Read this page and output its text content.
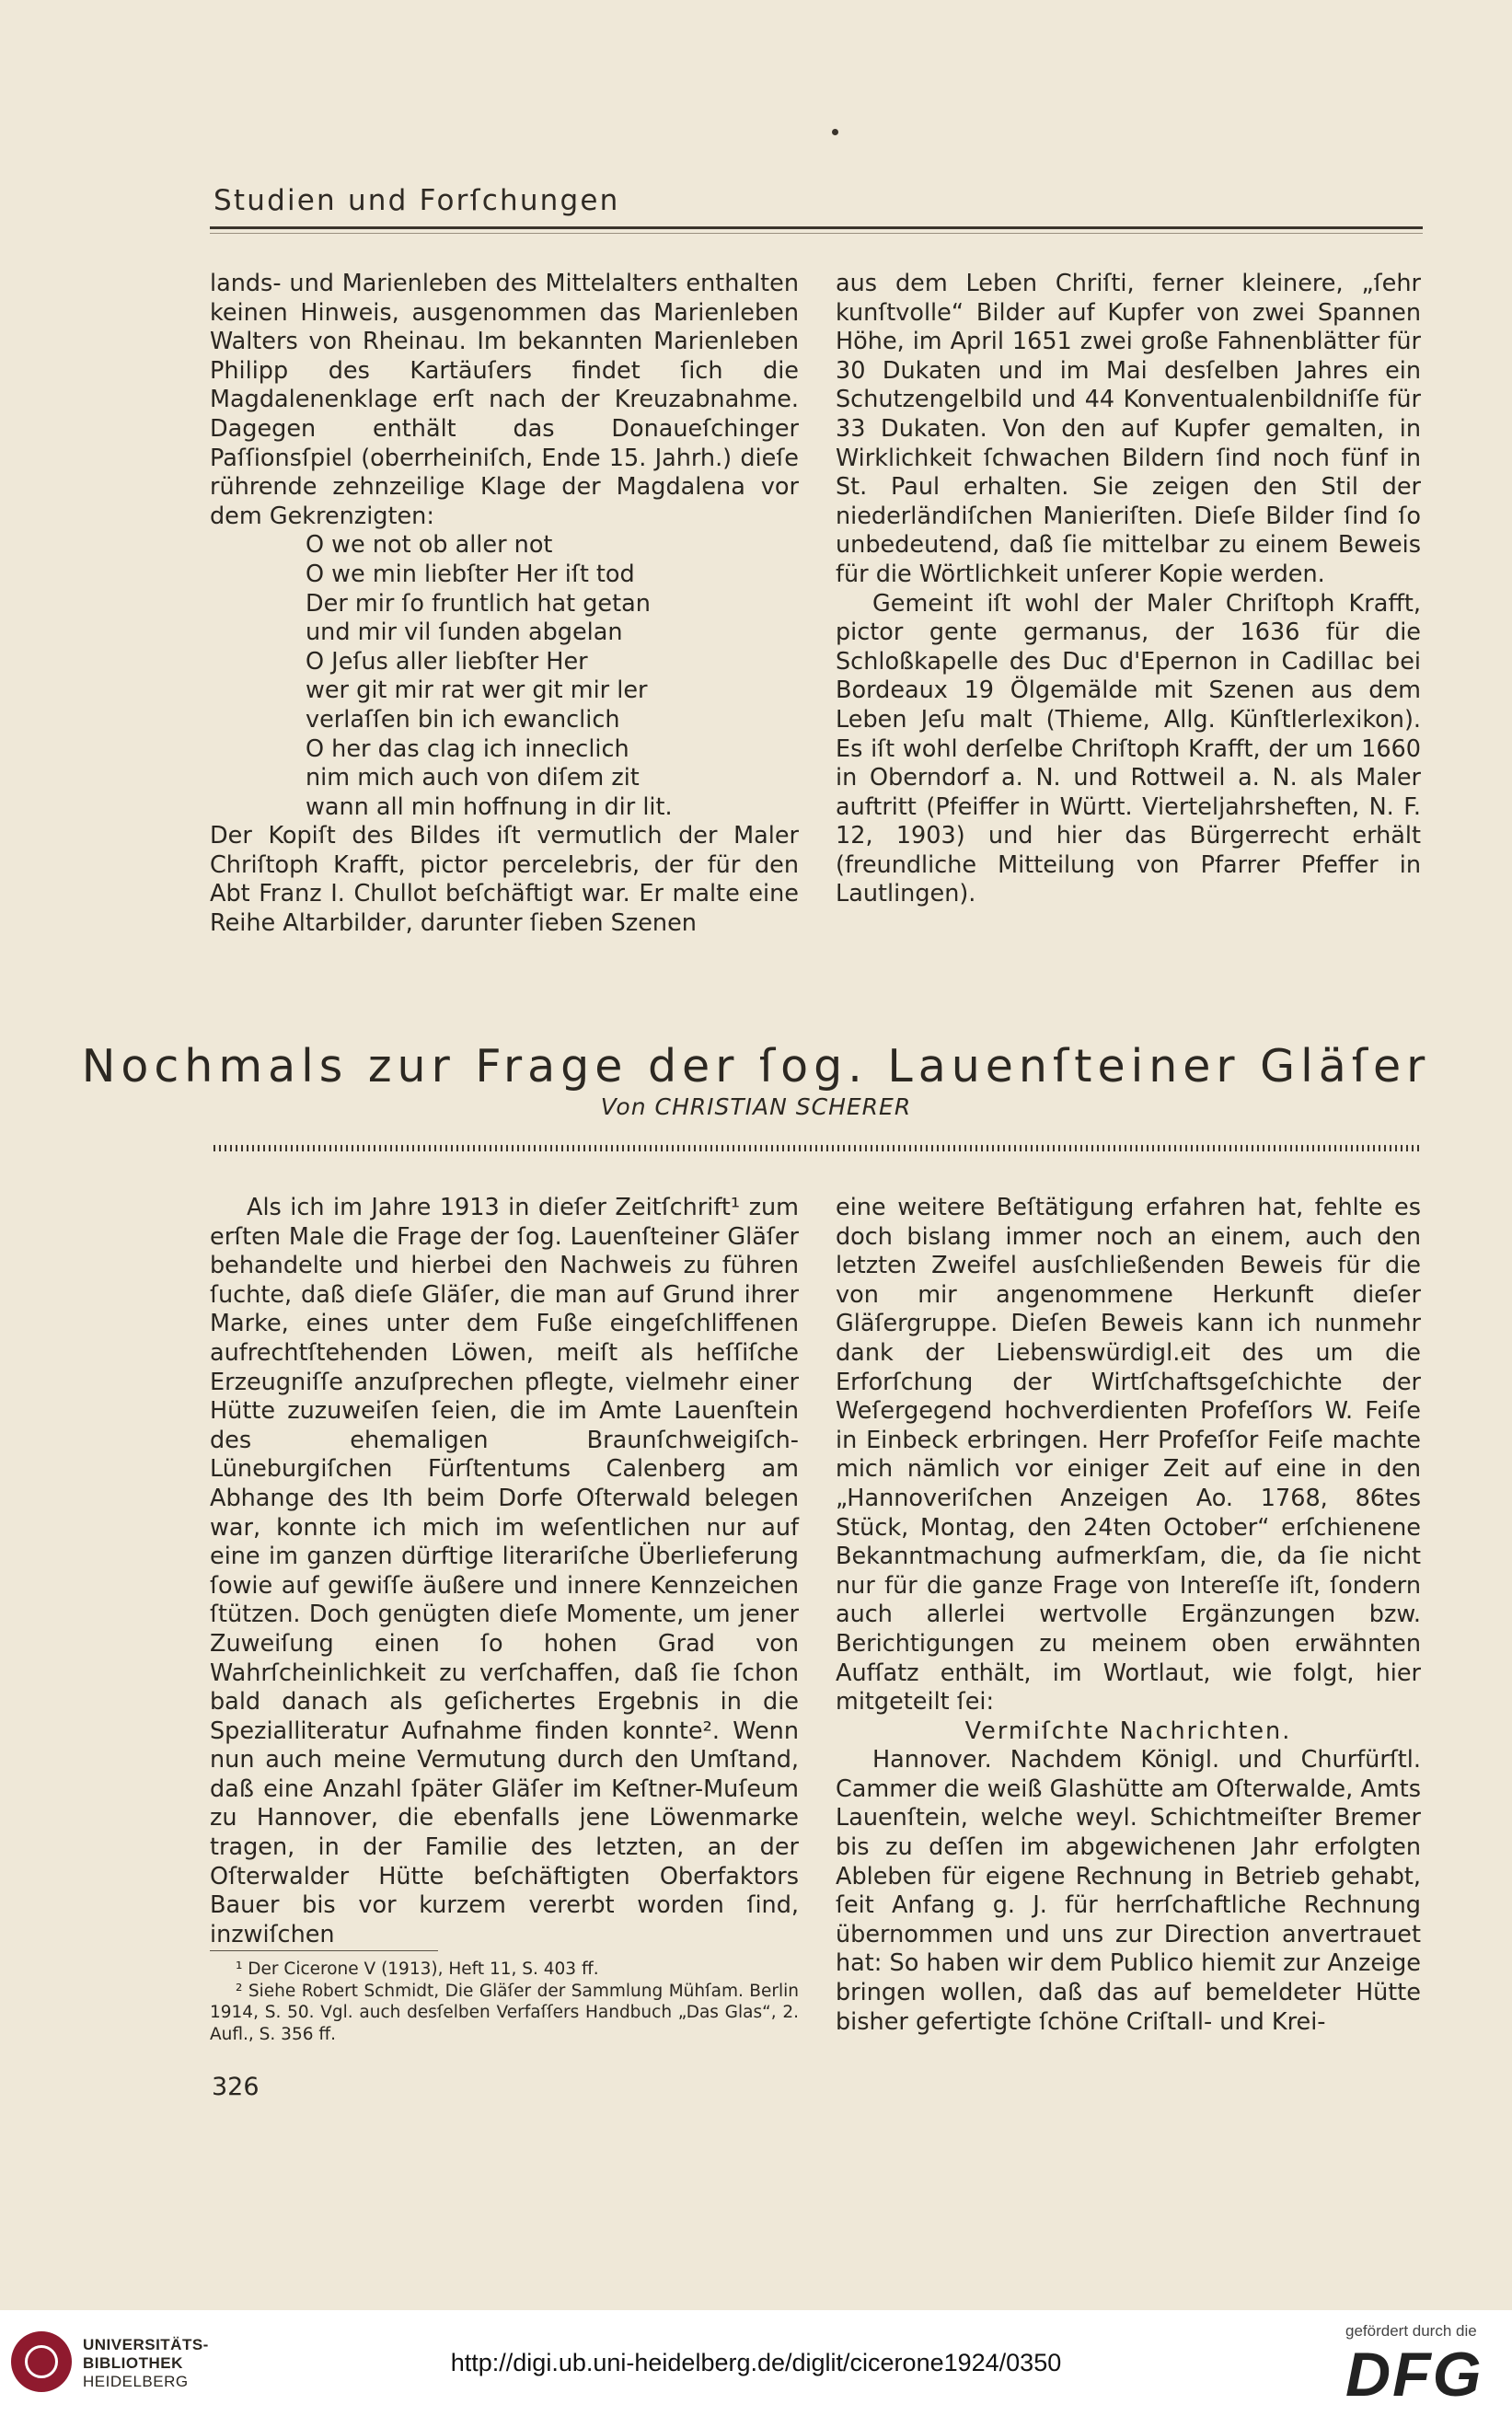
Studien und Forſchungen

lands- und Marienleben des Mittelalters enthalten keinen Hinweis, ausgenommen das Marienleben Walters von Rheinau. Im bekannten Marienleben Philipp des Kartäuſers findet ſich die Magdalenenklage erſt nach der Kreuzabnahme. Dagegen enthält das Donaueſchinger Paſſionsſpiel (oberrheiniſch, Ende 15. Jahrh.) dieſe rührende zehnzeilige Klage der Magdalena vor dem Gekrenzigten:

O we not ob aller not
O we min liebſter Her iſt tod
Der mir ſo fruntlich hat getan
und mir vil ſunden abgelan
O Jeſus aller liebſter Her
wer git mir rat wer git mir ler
verlaſſen bin ich ewanclich
O her das clag ich inneclich
nim mich auch von diſem zit
wann all min hoffnung in dir lit.

Der Kopiſt des Bildes iſt vermutlich der Maler Chriſtoph Krafft, pictor perceIebris, der für den Abt Franz I. Chullot beſchäftigt war. Er malte eine Reihe Altarbilder, darunter ſieben Szenen

aus dem Leben Chriſti, ferner kleinere, „ſehr kunſtvolle“ Bilder auf Kupfer von zwei Spannen Höhe, im April 1651 zwei große Fahnenblätter für 30 Dukaten und im Mai desſelben Jahres ein Schutzengelbild und 44 Konventualenbildniſſe für 33 Dukaten. Von den auf Kupfer gemalten, in Wirklichkeit ſchwachen Bildern ſind noch fünf in St. Paul erhalten. Sie zeigen den Stil der niederländiſchen Manieriſten. Dieſe Bilder ſind ſo unbedeutend, daß ſie mittelbar zu einem Beweis für die Wörtlichkeit unſerer Kopie werden.

Gemeint iſt wohl der Maler Chriſtoph Krafft, pictor gente germanus, der 1636 für die Schloßkapelle des Duc d'Epernon in Cadillac bei Bordeaux 19 Ölgemälde mit Szenen aus dem Leben Jeſu malt (Thieme, Allg. Künſtlerlexikon). Es iſt wohl derſelbe Chriſtoph Krafft, der um 1660 in Oberndorf a. N. und Rottweil a. N. als Maler auftritt (Pfeiffer in Württ. Vierteljahrsheften, N. F. 12, 1903) und hier das Bürgerrecht erhält (freundliche Mitteilung von Pfarrer Pfeffer in Lautlingen).

Nochmals zur Frage der ſog. Lauenſteiner Gläſer
Von CHRISTIAN SCHERER

Als ich im Jahre 1913 in dieſer Zeitſchrift¹ zum erſten Male die Frage der ſog. Lauenſteiner Gläſer behandelte und hierbei den Nachweis zu führen ſuchte, daß dieſe Gläſer, die man auf Grund ihrer Marke, eines unter dem Fuße eingeſchliffenen aufrechtſtehenden Löwen, meiſt als heſſiſche Erzeugniſſe anzuſprechen pflegte, vielmehr einer Hütte zuzuweiſen ſeien, die im Amte Lauenſtein des ehemaligen Braunſchweigiſch-Lüneburgiſchen Fürſtentums Calenberg am Abhange des Ith beim Dorfe Oſterwald belegen war, konnte ich mich im weſentlichen nur auf eine im ganzen dürftige literariſche Überlieferung ſowie auf gewiſſe äußere und innere Kennzeichen ſtützen. Doch genügten dieſe Momente, um jener Zuweiſung einen ſo hohen Grad von Wahrſcheinlichkeit zu verſchaffen, daß ſie ſchon bald danach als geſichertes Ergebnis in die Spezialliteratur Aufnahme finden konnte². Wenn nun auch meine Vermutung durch den Umſtand, daß eine Anzahl ſpäter Gläſer im Keſtner-Muſeum zu Hannover, die ebenfalls jene Löwenmarke tragen, in der Familie des letzten, an der Oſterwalder Hütte beſchäftigten Oberfaktors Bauer bis vor kurzem vererbt worden ſind, inzwiſchen

eine weitere Beſtätigung erfahren hat, fehlte es doch bislang immer noch an einem, auch den letzten Zweifel ausſchließenden Beweis für die von mir angenommene Herkunft dieſer Gläſergruppe. Dieſen Beweis kann ich nunmehr dank der Liebenswürdigl.eit des um die Erforſchung der Wirtſchaftsgeſchichte der Weſergegend hochverdienten Profeſſors W. Feiſe in Einbeck erbringen. Herr Profeſſor Feiſe machte mich nämlich vor einiger Zeit auf eine in den „Hannoveriſchen Anzeigen Ao. 1768, 86tes Stück, Montag, den 24ten October“ erſchienene Bekanntmachung aufmerkſam, die, da ſie nicht nur für die ganze Frage von Intereſſe iſt, ſondern auch allerlei wertvolle Ergänzungen bzw. Berichtigungen zu meinem oben erwähnten Aufſatz enthält, im Wortlaut, wie folgt, hier mitgeteilt ſei:

Vermiſchte Nachrichten.

Hannover. Nachdem Königl. und Churfürſtl. Cammer die weiß Glashütte am Oſterwalde, Amts Lauenſtein, welche weyl. Schichtmeiſter Bremer bis zu deſſen im abgewichenen Jahr erfolgten Ableben für eigene Rechnung in Betrieb gehabt, ſeit Anfang g. J. für herrſchaftliche Rechnung übernommen und uns zur Direction anvertrauet hat: So haben wir dem Publico hiemit zur Anzeige bringen wollen, daß das auf bemeldeter Hütte bisher gefertigte ſchöne Criſtall- und Krei-

¹ Der Cicerone V (1913), Heft 11, S. 403 ff.

² Siehe Robert Schmidt, Die Gläſer der Sammlung Mühſam. Berlin 1914, S. 50. Vgl. auch desſelben Verfaſſers Handbuch „Das Glas“, 2. Aufl., S. 356 ff.

326
UNIVERSITÄTS-
BIBLIOTHEK
HEIDELBERG
http://digi.ub.uni-heidelberg.de/diglit/cicerone1924/0350
gefördert durch die
DFG
